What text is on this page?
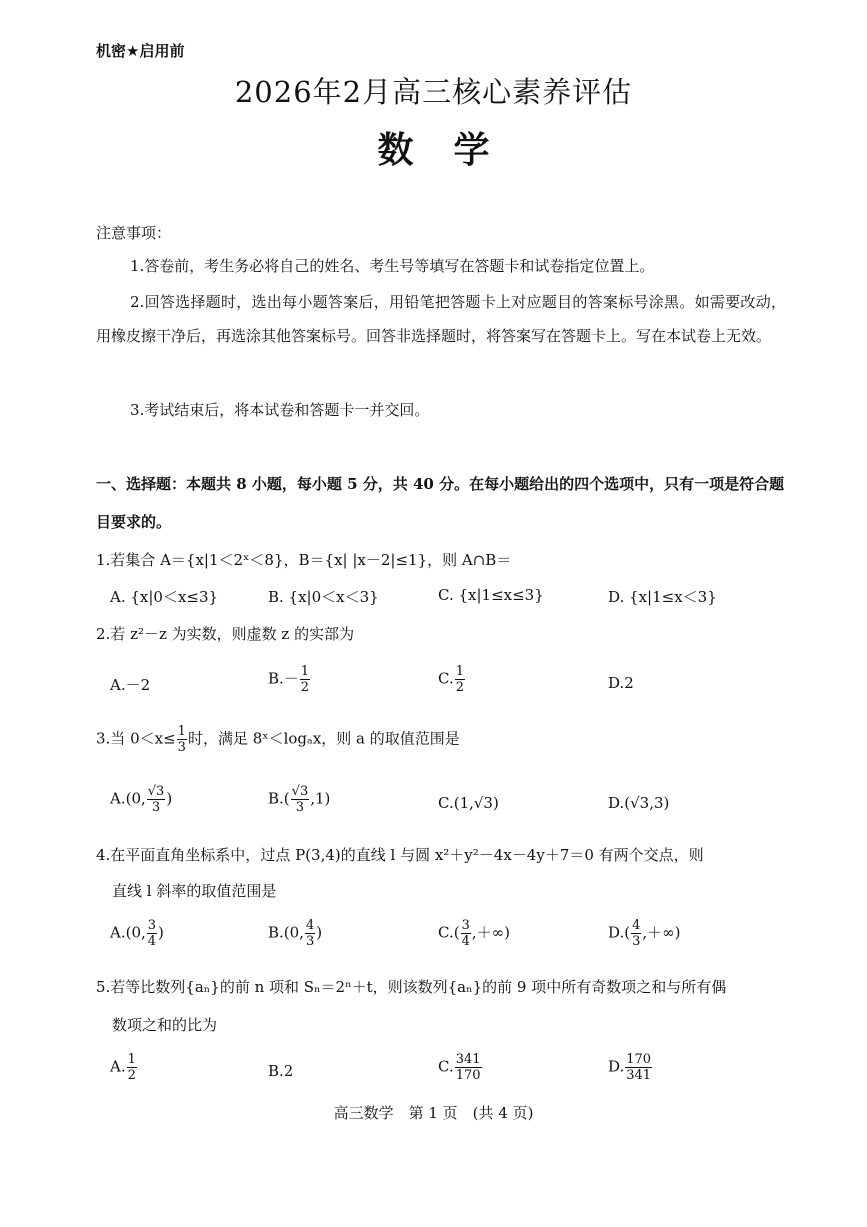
机密★启用前
2026年2月高三核心素养评估
数学
注意事项：
1.答卷前，考生务必将自己的姓名、考生号等填写在答题卡和试卷指定位置上。
2.回答选择题时，选出每小题答案后，用铅笔把答题卡上对应题目的答案标号涂黑。如需要改动，用橡皮擦干净后，再选涂其他答案标号。回答非选择题时，将答案写在答题卡上。写在本试卷上无效。
3.考试结束后，将本试卷和答题卡一并交回。
一、选择题：本题共 8 小题，每小题 5 分，共 40 分。在每小题给出的四个选项中，只有一项是符合题目要求的。
1.若集合 A＝{x|1＜2ˣ＜8}，B＝{x| |x－2|≤1}，则 A∩B＝
A. {x|0＜x≤3}	B. {x|0＜x＜3}	C. {x|1≤x≤3}	D. {x|1≤x＜3}
2.若 z²－z 为实数，则虚数 z 的实部为
A.－2	$B.- \frac{1}{2}$	C. $\frac{1}{2}$	D.2
3.当 $0<x\le \frac{1}{3}$ 时，满足 8ˣ＜logₐx，则 a 的取值范围是
A.(0, $\frac{√3}{3}$ )	$B.( \frac{√3}{3} ,1)$	C.(1,√3)	D.(√3,3)
4.在平面直角坐标系中，过点 P(3,4)的直线 l 与圆 x²＋y²－4x－4y＋7＝0 有两个交点，则
直线 l 斜率的取值范围是
A.(0, $\frac{3}{4}$ )	B.(0, $\frac{4}{3}$ )	$C.( \frac{3}{4}$ ,＋∞)	$D.( \frac{4}{3}$ ,＋∞)
5.若等比数列{aₙ}的前 n 项和 Sₙ＝2ⁿ＋t，则该数列{aₙ}的前 9 项中所有奇数项之和与所有偶
数项之和的比为
A. $\frac{1}{2}$	B.2	C. $\frac{341}{170}$	D. $\frac{170}{341}$
高三数学　第 1 页　(共 4 页)
